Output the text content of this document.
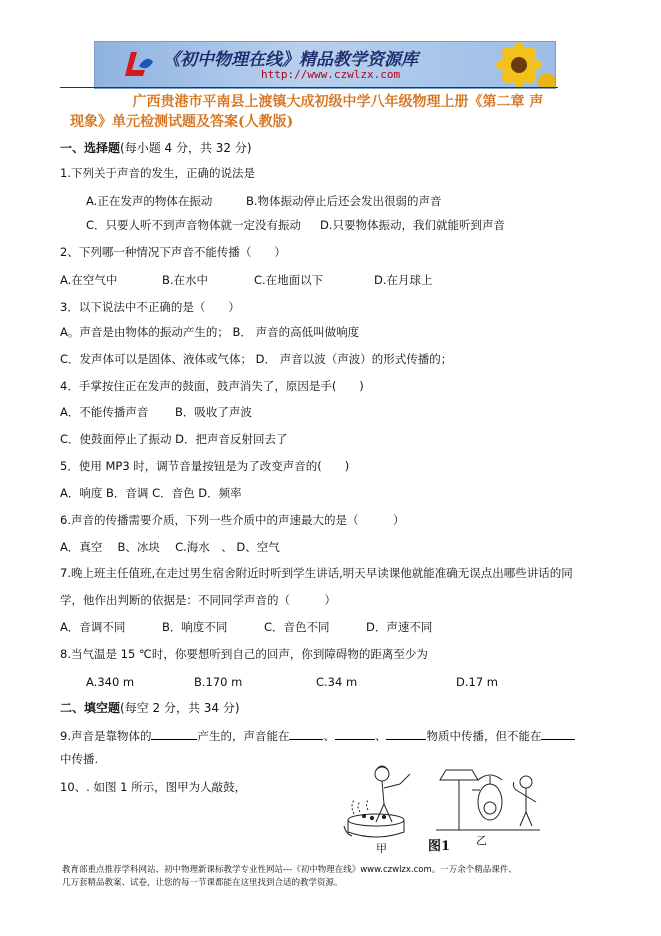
《初中物理在线》精品教学资源库
http://www.czwlzx.com
广西贵港市平南县上渡镇大成初级中学八年级物理上册《第二章 声
现象》单元检测试题及答案(人教版)
一、选择题(每小题 4 分，共 32 分)
1.下列关于声音的发生，正确的说法是
A.正在发声的物体在振动	B.物体振动停止后还会发出很弱的声音
C．只要人听不到声音物体就一定没有振动 D.只要物体振动，我们就能听到声音
2、下列哪一种情况下声音不能传播（　　）
A.在空气中	B.在水中	C.在地面以下	D.在月球上
3．以下说法中不正确的是（　　）
A。声音是由物体的振动产生的； B． 声音的高低叫做响度
C．发声体可以是固体、液体或气体； D． 声音以波（声波）的形式传播的；
4．手掌按住正在发声的鼓面，鼓声消失了，原因是手(　　)
A．不能传播声音　　 B．吸收了声波
C．使鼓面停止了振动 D．把声音反射回去了
5．使用 MP3 时，调节音量按钮是为了改变声音的(　　)
A．响度 B．音调 C．音色 D．频率
6.声音的传播需要介质，下列一些介质中的声速最大的是（　　　）
A．真空　 B、冰块　 C.海水　、 D、空气
7.晚上班主任值班,在走过男生宿舍附近时听到学生讲话,明天早读课他就能准确无误点出哪些讲话的同
学，他作出判断的依据是：不同同学声音的（　　　）
A．音调不同	B．响度不同	C．音色不同	D．声速不同
8.当气温是 15 ℃时，你要想听到自己的回声，你到障碍物的距离至少为
A.340 m	B.170 m	C.34 m	D.17 m
二、填空题(每空 2 分，共 34 分)
9.声音是靠物体的	产生的，声音能在	、	、	物质中传播，但不能在
中传播.
10、. 如图 1 所示，图甲为人敲鼓，
甲	图1 乙
教育部重点推荐学科网站、初中物理新课标教学专业性网站---《初中物理在线》www.czwlzx.com。一万余个精品课件、
几万套精品教案、试卷，让您的每一节课都能在这里找到合适的教学资源。
